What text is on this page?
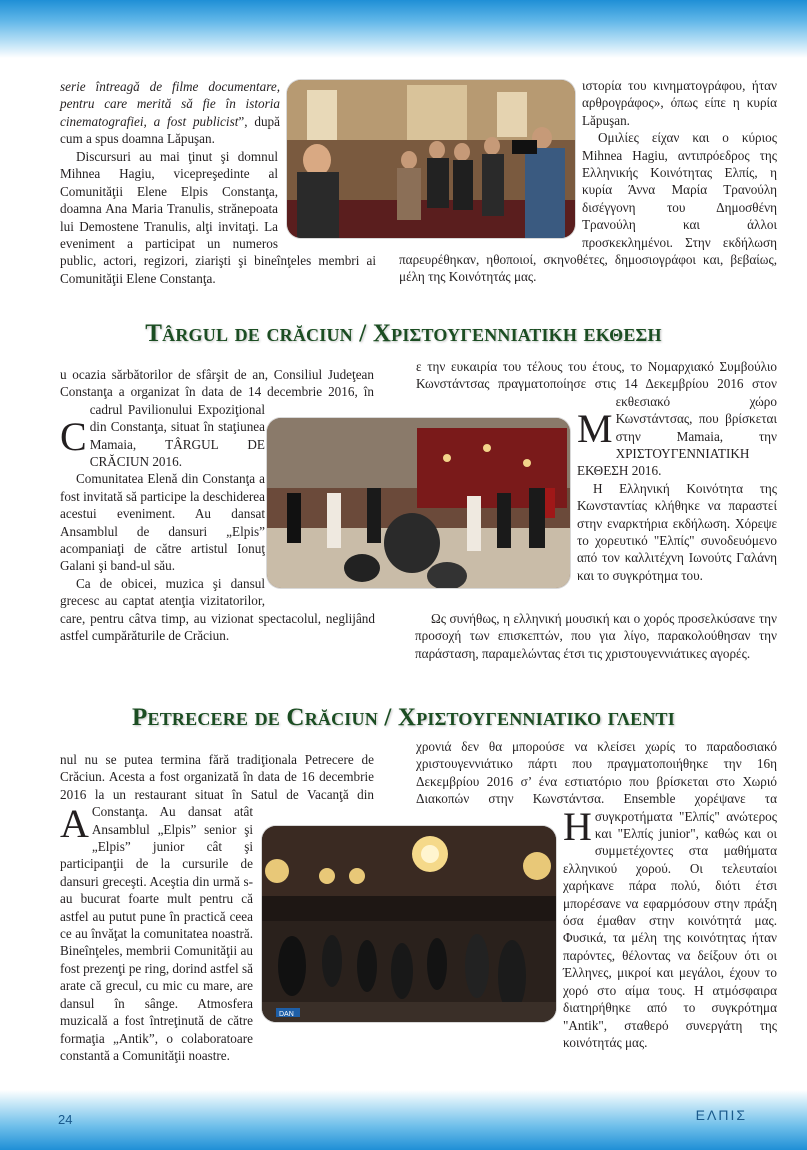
serie întreagă de filme documentare, pentru care merită să fie în istoria cinematografiei, a fost publicist”, după cum a spus doamna Lăpuşan.

Discursuri au mai ţinut şi domnul Mihnea Hagiu, vicepreşedinte al Comunităţii Elene Elpis Constanţa, doamna Ana Maria Tranulis, strănepoata lui Demostene Tranulis, alţi invitaţi. La eveniment a participat un numeros public, actori, regizori, ziarişti şi bineînţeles membri ai Comunităţii Elene Constanţa.

ιστορία του κινηματογράφου, ήταν αρθρογράφος», όπως είπε η κυρία Lăpuşan.

Ομιλίες είχαν και ο κύριος Mihnea Hagiu, αντιπρόεδρος της Ελληνικής Κοινότητας Ελπίς, η κυρία Άννα Μαρία Τρανούλη δισέγγονη του Δημοσθένη Τρανούλη και άλλοι προσκεκλημένοι. Στην εκδήλωση παρευρέθηκαν, ηθοποιοί, σκηνοθέτες, δημοσιογράφοι και, βεβαίως, μέλη της Κοινότητάς μας.

Târgul de crăciun / Χριστουγεννιατικη εκθεση

C
u ocazia sărbătorilor de sfârşit de an, Consiliul Judeţean Constanţa a organizat în data de 14 decembrie 2016, în cadrul Pavilionului Expoziţional din Constanţa, situat în staţiunea Mamaia, TÂRGUL DE CRĂCIUN 2016.

Comunitatea Elenă din Constanţa a fost invitată să participe la deschiderea acestui eveniment. Au dansat Ansamblul de dansuri „Elpis” acompaniaţi de către artistul Ionuţ Galani şi band-ul său.

Ca de obicei, muzica şi dansul grecesc au captat atenţia vizitatorilor, care, pentru câtva timp, au vizionat spectacolul, neglijând astfel cumpărăturile de Crăciun.

Μ
ε την ευκαιρία του τέλους του έτους, το Νομαρχιακό Συμβούλιο Κωνστάντσας πραγματοποίησε στις 14 Δεκεμβρίου 2016 στον εκθεσιακό χώρο Κωνστάντσας, που βρίσκεται στην Mamaia, την ΧΡΙΣΤΟΥΓΕΝΝΙΑΤΙΚΗ ΕΚΘΕΣΗ 2016.

Η Ελληνική Κοινότητα της Κωνσταντίας κλήθηκε να παραστεί στην εναρκτήρια εκδήλωση. Χόρεψε το χορευτικό "Ελπίς" συνοδευόμενο από τον καλλιτέχνη Ιωνούτς Γαλάνη και το συγκρότημα του.

Ως συνήθως, η ελληνική μουσική και ο χορός προσελκύσανε την προσοχή των επισκεπτών, που για λίγο, παρακολούθησαν την παράσταση, παραμελώντας έτσι τις χριστουγεννιάτικες αγορές.

Petrecere de Crăciun / Χριστουγεννιατικο γλεντι
DAN

A
nul nu se putea termina fără tradiţionala Petrecere de Crăciun. Acesta a fost organizată în data de 16 decembrie 2016 la un restaurant situat în Satul de Vacanţă din Constanţa. Au dansat atât Ansamblul „Elpis” senior şi „Elpis” junior cât şi participanţii de la cursurile de dansuri greceşti. Aceştia din urmă s-au bucurat foarte mult pentru că astfel au putut pune în practică ceea ce au învăţat la comunitatea noastră. Bineînţeles, membrii Comunităţii au fost prezenţi pe ring, dorind astfel să arate că grecul, cu mic cu mare, are dansul în sânge. Atmosfera muzicală a fost întreţinută de către formaţia „Antik”, o colaboratoare constantă a Comunităţii noastre.

Η
χρονιά δεν θα μπορούσε να κλείσει χωρίς το παραδοσιακό χριστουγεννιάτικο πάρτι που πραγματοποιήθηκε την 16η Δεκεμβρίου 2016 σ’ ένα εστιατόριο που βρίσκεται στο Χωριό Διακοπών στην Κωνστάντσα. Ensemble χορέψανε τα συγκροτήματα "Ελπίς" ανώτερος και "Ελπίς junior", καθώς και οι συμμετέχοντες στα μαθήματα ελληνικού χορού. Οι τελευταίοι χαρήκανε πάρα πολύ, διότι έτσι μπορέσανε να εφαρμόσουν στην πράξη όσα έμαθαν στην κοινότητά μας. Φυσικά, τα μέλη της κοινότητας ήταν παρόντες, θέλοντας να δείξουν ότι οι Έλληνες, μικροί και μεγάλοι, έχουν το χορό στο αίμα τους. Η ατμόσφαιρα διατηρήθηκε από το συγκρότημα "Antik", σταθερό συνεργάτη της κοινότητάς μας.

24	ΕΛΠΙΣ
